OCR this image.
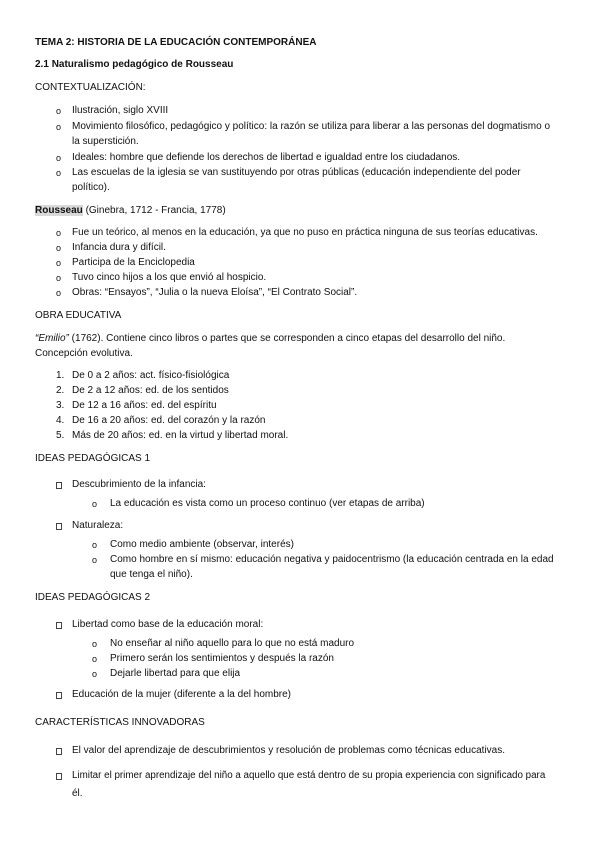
TEMA 2: HISTORIA DE LA EDUCACIÓN CONTEMPORÁNEA
2.1 Naturalismo pedagógico de Rousseau
CONTEXTUALIZACIÓN:
o Ilustración, siglo XVIII
o Movimiento filosófico, pedagógico y político: la razón se utiliza para liberar a las personas del dogmatismo o
la superstición.
o Ideales: hombre que defiende los derechos de libertad e igualdad entre los ciudadanos.
o Las escuelas de la iglesia se van sustituyendo por otras públicas (educación independiente del poder
político).
Rousseau (Ginebra, 1712 - Francia, 1778)
o Fue un teórico, al menos en la educación, ya que no puso en práctica ninguna de sus teorías educativas.
o Infancia dura y difícil.
o Participa de la Enciclopedia
o Tuvo cinco hijos a los que envió al hospicio.
o Obras: “Ensayos”, “Julia o la nueva Eloísa”, “El Contrato Social”.
OBRA EDUCATIVA
“Emilio” (1762). Contiene cinco libros o partes que se corresponden a cinco etapas del desarrollo del niño.
Concepción evolutiva.
1. De 0 a 2 años: act. físico-fisiológica
2. De 2 a 12 años: ed. de los sentidos
3. De 12 a 16 años: ed. del espíritu
4. De 16 a 20 años: ed. del corazón y la razón
5. Más de 20 años: ed. en la virtud y libertad moral.
IDEAS PEDAGÓGICAS 1
Descubrimiento de la infancia:
o La educación es vista como un proceso continuo (ver etapas de arriba)
Naturaleza:
o Como medio ambiente (observar, interés)
o Como hombre en sí mismo: educación negativa y paidocentrismo (la educación centrada en la edad
que tenga el niño).
IDEAS PEDAGÓGICAS 2
Libertad como base de la educación moral:
o No enseñar al niño aquello para lo que no está maduro
o Primero serán los sentimientos y después la razón
o Dejarle libertad para que elija
Educación de la mujer (diferente a la del hombre)
CARACTERÍSTICAS INNOVADORAS
El valor del aprendizaje de descubrimientos y resolución de problemas como técnicas educativas.
Limitar el primer aprendizaje del niño a aquello que está dentro de su propia experiencia con significado para
él.
